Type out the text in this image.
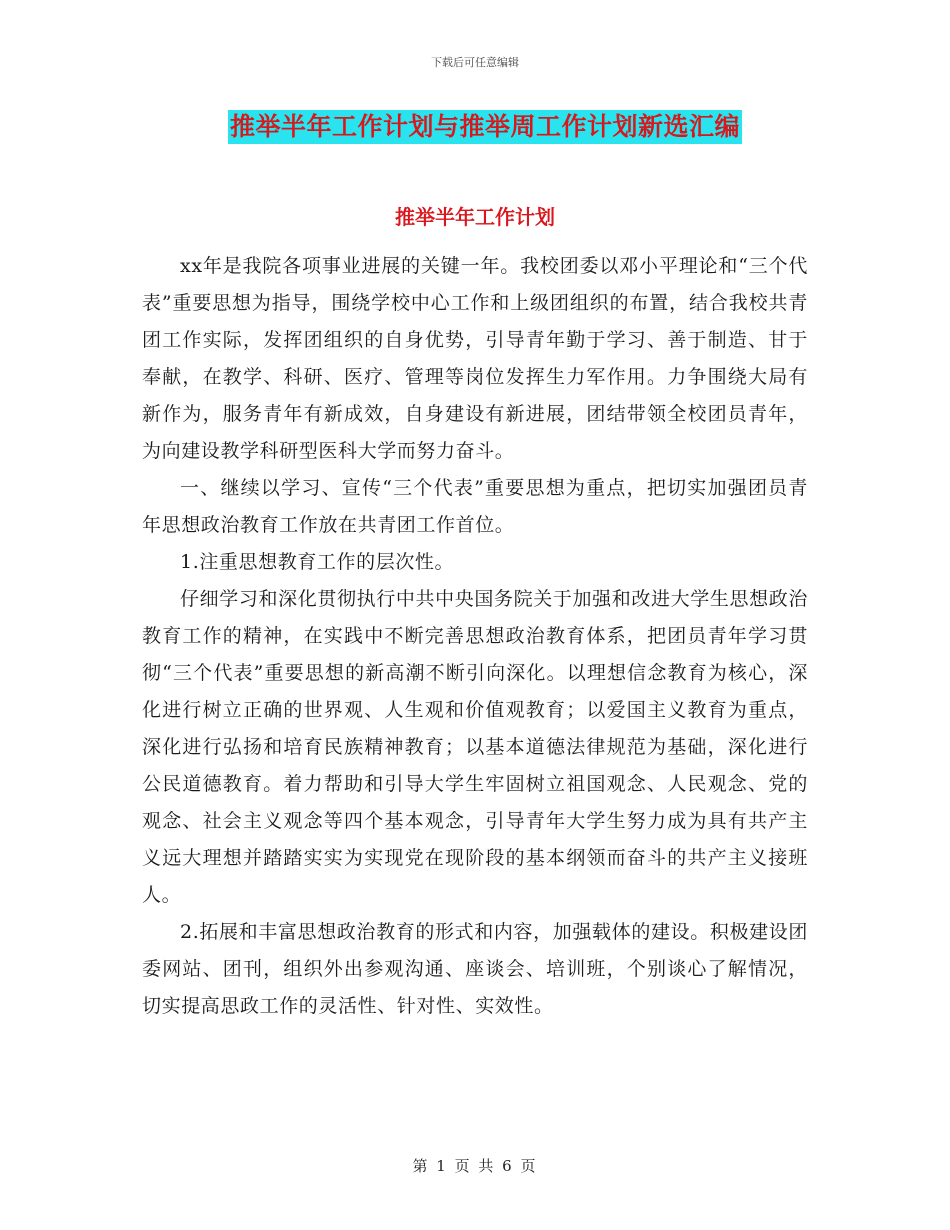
下载后可任意编辑
推举半年工作计划与推举周工作计划新选汇编
推举半年工作计划

xx年是我院各项事业进展的关键一年。我校团委以邓小平理论和“三个代表”重要思想为指导，围绕学校中心工作和上级团组织的布置，结合我校共青团工作实际，发挥团组织的自身优势，引导青年勤于学习、善于制造、甘于奉献，在教学、科研、医疗、管理等岗位发挥生力军作用。力争围绕大局有新作为，服务青年有新成效，自身建设有新进展，团结带领全校团员青年，为向建设教学科研型医科大学而努力奋斗。

一、继续以学习、宣传“三个代表”重要思想为重点，把切实加强团员青年思想政治教育工作放在共青团工作首位。

1.注重思想教育工作的层次性。

仔细学习和深化贯彻执行中共中央国务院关于加强和改进大学生思想政治教育工作的精神，在实践中不断完善思想政治教育体系，把团员青年学习贯彻“三个代表”重要思想的新高潮不断引向深化。以理想信念教育为核心，深化进行树立正确的世界观、人生观和价值观教育；以爱国主义教育为重点，深化进行弘扬和培育民族精神教育；以基本道德法律规范为基础，深化进行公民道德教育。着力帮助和引导大学生牢固树立祖国观念、人民观念、党的观念、社会主义观念等四个基本观念，引导青年大学生努力成为具有共产主义远大理想并踏踏实实为实现党在现阶段的基本纲领而奋斗的共产主义接班人。

2.拓展和丰富思想政治教育的形式和内容，加强载体的建设。积极建设团委网站、团刊，组织外出参观沟通、座谈会、培训班，个别谈心了解情况，切实提高思政工作的灵活性、针对性、实效性。

第 1 页 共 6 页
